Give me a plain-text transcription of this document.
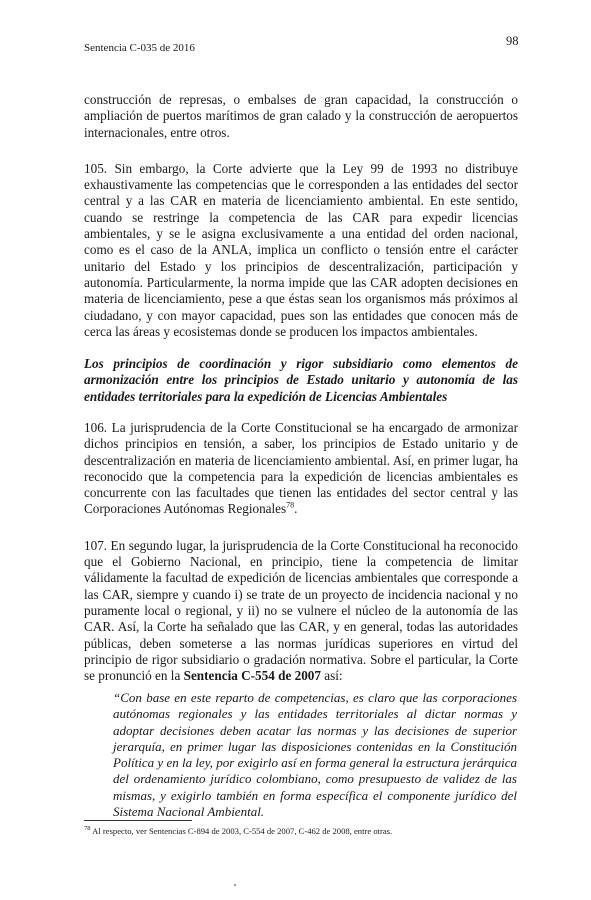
Sentencia C-035 de 2016	98

construcción de represas, o embalses de gran capacidad, la construcción o ampliación de puertos marítimos de gran calado y la construcción de aeropuertos internacionales, entre otros.

105. Sin embargo, la Corte advierte que la Ley 99 de 1993 no distribuye exhaustivamente las competencias que le corresponden a las entidades del sector central y a las CAR en materia de licenciamiento ambiental. En este sentido, cuando se restringe la competencia de las CAR para expedir licencias ambientales, y se le asigna exclusivamente a una entidad del orden nacional, como es el caso de la ANLA, implica un conflicto o tensión entre el carácter unitario del Estado y los principios de descentralización, participación y autonomía. Particularmente, la norma impide que las CAR adopten decisiones en materia de licenciamiento, pese a que éstas sean los organismos más próximos al ciudadano, y con mayor capacidad, pues son las entidades que conocen más de cerca las áreas y ecosistemas donde se producen los impactos ambientales.

Los principios de coordinación y rigor subsidiario como elementos de armonización entre los principios de Estado unitario y autonomía de las entidades territoriales para la expedición de Licencias Ambientales

106. La jurisprudencia de la Corte Constitucional se ha encargado de armonizar dichos principios en tensión, a saber, los principios de Estado unitario y de descentralización en materia de licenciamiento ambiental. Así, en primer lugar, ha reconocido que la competencia para la expedición de licencias ambientales es concurrente con las facultades que tienen las entidades del sector central y las Corporaciones Autónomas Regionales$^{78}$.

107. En segundo lugar, la jurisprudencia de la Corte Constitucional ha reconocido que el Gobierno Nacional, en principio, tiene la competencia de limitar válidamente la facultad de expedición de licencias ambientales que corresponde a las CAR, siempre y cuando i) se trate de un proyecto de incidencia nacional y no puramente local o regional, y ii) no se vulnere el núcleo de la autonomía de las CAR. Así, la Corte ha señalado que las CAR, y en general, todas las autoridades públicas, deben someterse a las normas jurídicas superiores en virtud del principio de rigor subsidiario o gradación normativa. Sobre el particular, la Corte se pronunció en la Sentencia C-554 de 2007 así:

“Con base en este reparto de competencias, es claro que las corporaciones autónomas regionales y las entidades territoriales al dictar normas y adoptar decisiones deben acatar las normas y las decisiones de superior jerarquía, en primer lugar las disposiciones contenidas en la Constitución Política y en la ley, por exigirlo así en forma general la estructura jerárquica del ordenamiento jurídico colombiano, como presupuesto de validez de las mismas, y exigirlo también en forma específica el componente jurídico del Sistema Nacional Ambiental.
$^{78}$ Al respecto, ver Sentencias C-894 de 2003, C-554 de 2007, C-462 de 2008, entre otras.
